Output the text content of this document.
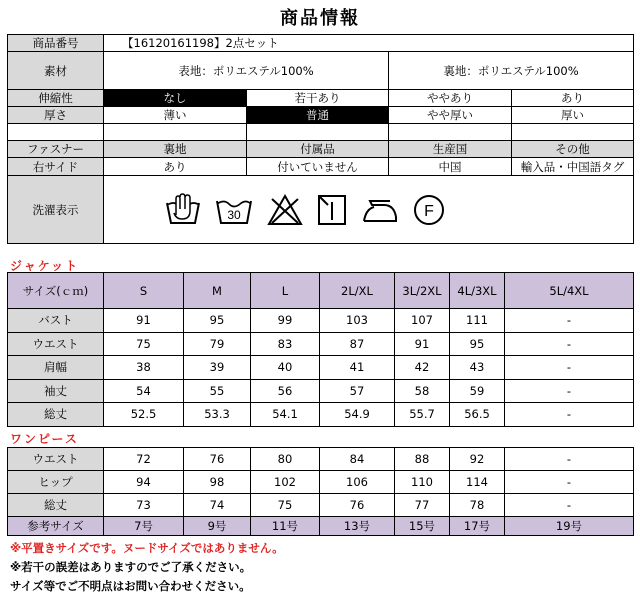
商品情報
商品番号	【16120161198】2点セット			
素材	表地：ポリエステル100%		裏地：ポリエステル100%	
伸縮性	なし	若干あり	ややあり	あり
厚さ	薄い	普通	やや厚い	厚い

ファスナー	裏地	付属品	生産国	その他
右サイド	あり	付いていません	中国	輸入品・中国語タグ
洗濯表示	30 F			
ジャケット
サイズ(ｃｍ)	S	M	L	2L/XL	3L/2XL	4L/3XL	5L/4XL
バスト	91	95	99	103	107	111	-
ウエスト	75	79	83	87	91	95	-
肩幅	38	39	40	41	42	43	-
袖丈	54	55	56	57	58	59	-
総丈	52.5	53.3	54.1	54.9	55.7	56.5	-
ワンピース
ウエスト	72	76	80	84	88	92	-
ヒップ	94	98	102	106	110	114	-
総丈	73	74	75	76	77	78	-
参考サイズ	7号	9号	11号	13号	15号	17号	19号
※平置きサイズです。ヌードサイズではありません。
※若干の誤差はありますのでご了承ください。
サイズ等でご不明点はお問い合わせください。
